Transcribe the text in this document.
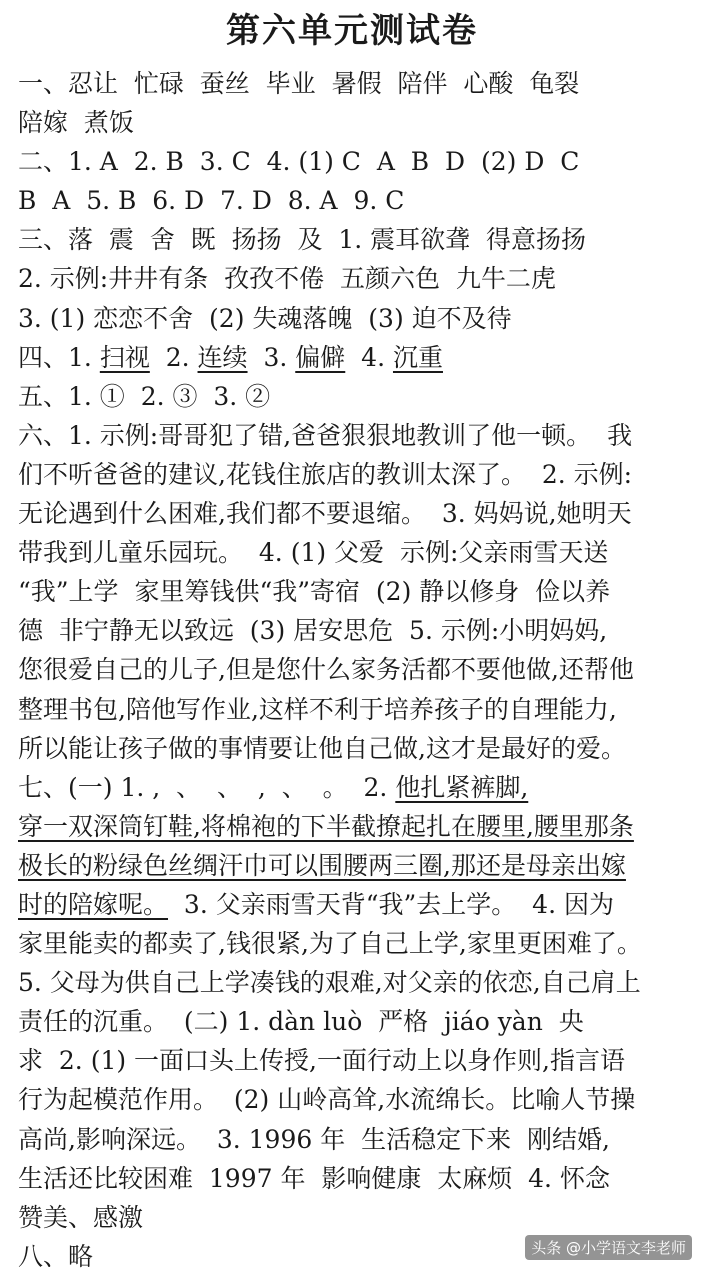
第六单元测试卷
一、忍让  忙碌  蚕丝  毕业  暑假  陪伴  心酸  龟裂
陪嫁  煮饭
二、1. A  2. B  3. C  4. (1) C  A  B  D  (2) D  C
B  A  5. B  6. D  7. D  8. A  9. C
三、落  震  舍  既  扬扬  及  1. 震耳欲聋  得意扬扬
2. 示例:井井有条  孜孜不倦  五颜六色  九牛二虎
3. (1) 恋恋不舍  (2) 失魂落魄  (3) 迫不及待
四、1. 扫视  2. 连续  3. 偏僻  4. 沉重
五、1. ①  2. ③  3. ②
六、1. 示例:哥哥犯了错,爸爸狠狠地教训了他一顿。  我
们不听爸爸的建议,花钱住旅店的教训太深了。  2. 示例:
无论遇到什么困难,我们都不要退缩。  3. 妈妈说,她明天
带我到儿童乐园玩。  4. (1) 父爱  示例:父亲雨雪天送
“我”上学  家里筹钱供“我”寄宿  (2) 静以修身  俭以养
德  非宁静无以致远  (3) 居安思危  5. 示例:小明妈妈,
您很爱自己的儿子,但是您什么家务活都不要他做,还帮他
整理书包,陪他写作业,这样不利于培养孩子的自理能力,
所以能让孩子做的事情要让他自己做,这才是最好的爱。
七、(一) 1. ,  、  、  ,  、  。  2. 他扎紧裤脚,
穿一双深筒钉鞋,将棉袍的下半截撩起扎在腰里,腰里那条
极长的粉绿色丝绸汗巾可以围腰两三圈,那还是母亲出嫁
时的陪嫁呢。  3. 父亲雨雪天背“我”去上学。  4. 因为
家里能卖的都卖了,钱很紧,为了自己上学,家里更困难了。
5. 父母为供自己上学凑钱的艰难,对父亲的依恋,自己肩上
责任的沉重。  (二) 1. dàn luò  严格  jiáo yàn  央
求  2. (1) 一面口头上传授,一面行动上以身作则,指言语
行为起模范作用。  (2) 山岭高耸,水流绵长。比喻人节操
高尚,影响深远。  3. 1996 年  生活稳定下来  刚结婚,
生活还比较困难  1997 年  影响健康  太麻烦  4. 怀念
赞美、感激
八、略	头条 @小学语文李老师
